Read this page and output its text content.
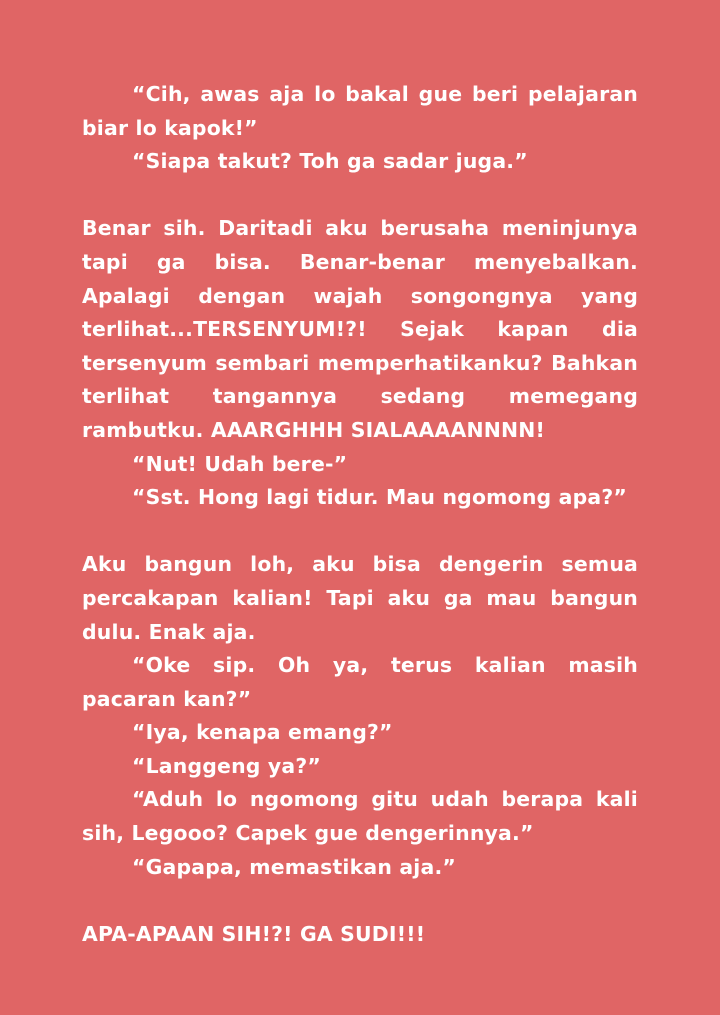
“Cih, awas aja lo bakal gue beri pelajaran biar lo kapok!”

“Siapa takut? Toh ga sadar juga.”

Benar sih. Daritadi aku berusaha meninjunya tapi ga bisa. Benar-benar menyebalkan. Apalagi dengan wajah songongnya yang terlihat...TERSENYUM!?! Sejak kapan dia tersenyum sembari memperhatikanku? Bahkan terlihat tangannya sedang memegang rambutku. AAARGHHH SIALAAAANNNN!

“Nut! Udah bere-”

“Sst. Hong lagi tidur. Mau ngomong apa?”

Aku bangun loh, aku bisa dengerin semua percakapan kalian! Tapi aku ga mau bangun dulu. Enak aja.

“Oke sip. Oh ya, terus kalian masih pacaran kan?”

“Iya, kenapa emang?”

“Langgeng ya?”

“Aduh lo ngomong gitu udah berapa kali sih, Legooo? Capek gue dengerinnya.”

“Gapapa, memastikan aja.”

APA-APAAN SIH!?! GA SUDI!!!
